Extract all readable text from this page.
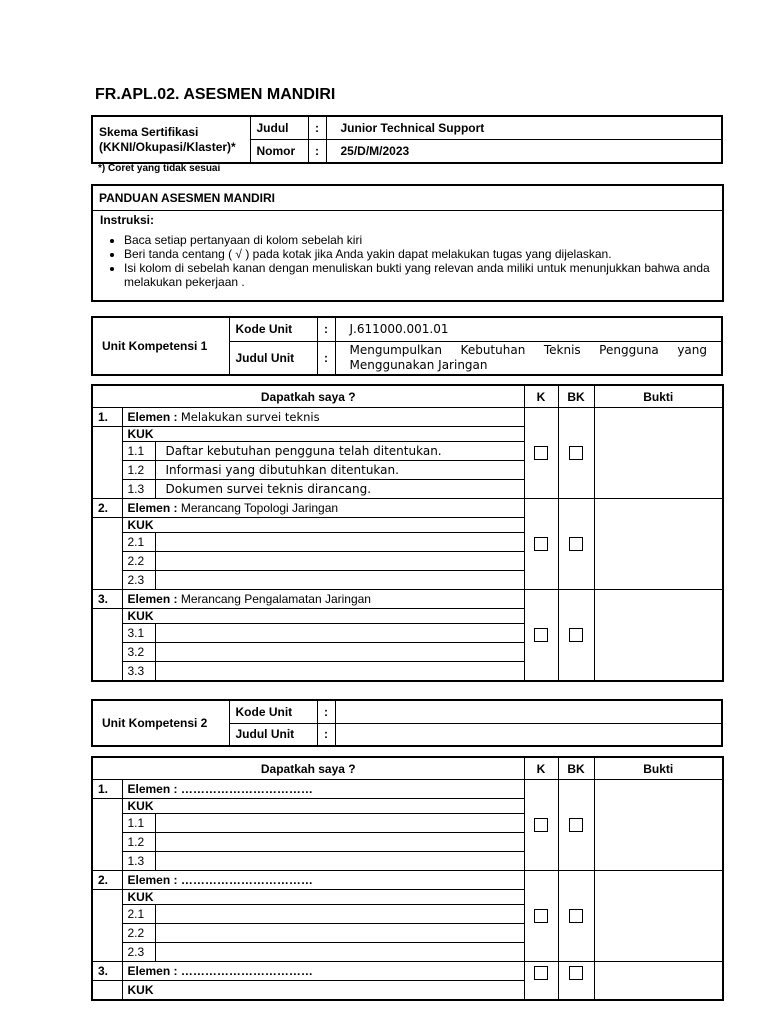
FR.APL.02. ASESMEN MANDIRI
Skema Sertifikasi (KKNI/Okupasi/Klaster)*	Judul	:	Junior Technical Support
	Nomor	:	25/D/M/2023
*) Coret yang tidak sesuai
PANDUAN ASESMEN MANDIRI
Instruksi:
• Baca setiap pertanyaan di kolom sebelah kiri
• Beri tanda centang ( √ ) pada kotak jika Anda yakin dapat melakukan tugas yang dijelaskan.
• Isi kolom di sebelah kanan dengan menuliskan bukti yang relevan anda miliki untuk menunjukkan bahwa anda melakukan pekerjaan .
Unit Kompetensi 1	Kode Unit	:	J.611000.001.01
	Judul Unit	:	Mengumpulkan Kebutuhan Teknis Pengguna yang Menggunakan Jaringan
Dapatkah saya ?			K	BK	Bukti
1.	Elemen : Melakukan survei teknis				
	KUK				
	1.1	Daftar kebutuhan pengguna telah ditentukan.			
	1.2	Informasi yang dibutuhkan ditentukan.			
	1.3	Dokumen survei teknis dirancang.			
2.	Elemen : Merancang Topologi Jaringan				
	KUK				
	2.1				
	2.2				
	2.3				
3.	Elemen : Merancang Pengalamatan Jaringan				
	KUK				
	3.1				
	3.2				
	3.3				
Unit Kompetensi 2	Kode Unit	:	
	Judul Unit	:	
Dapatkah saya ?			K	BK	Bukti
1.	Elemen : ……………………………				
	KUK				
	1.1				
	1.2				
	1.3				
2.	Elemen : ……………………………				
	KUK				
	2.1				
	2.2				
	2.3				
3.	Elemen : ……………………………				
	KUK				
